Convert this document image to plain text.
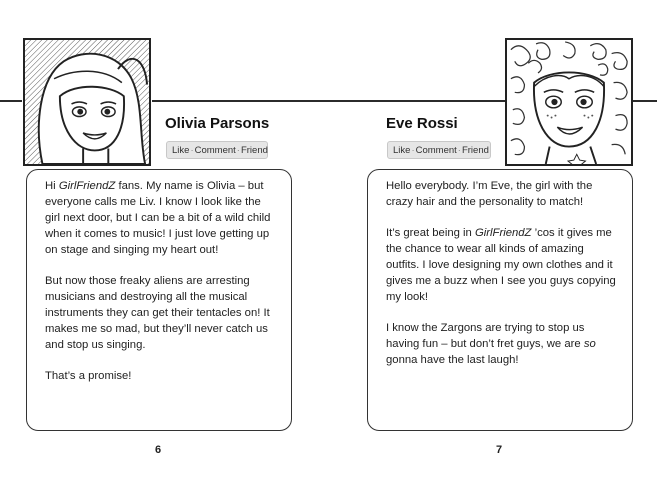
Olivia Parsons
Like·Comment·Friend

Hi GirlFriendZ fans. My name is Olivia – but everyone calls me Liv. I know I look like the girl next door, but I can be a bit of a wild child when it comes to music! I just love getting up on stage and singing my heart out!

But now those freaky aliens are arresting musicians and destroying all the musical instruments they can get their tentacles on! It makes me so mad, but they’ll never catch us and stop us singing.

That’s a promise!

6
Eve Rossi
Like·Comment·Friend

Hello everybody. I’m Eve, the girl with the crazy hair and the personality to match!

It’s great being in GirlFriendZ ’cos it gives me the chance to wear all kinds of amazing outfits. I love designing my own clothes and it gives me a buzz when I see you guys copying my look!

I know the Zargons are trying to stop us having fun – but don’t fret guys, we are so gonna have the last laugh!

7
